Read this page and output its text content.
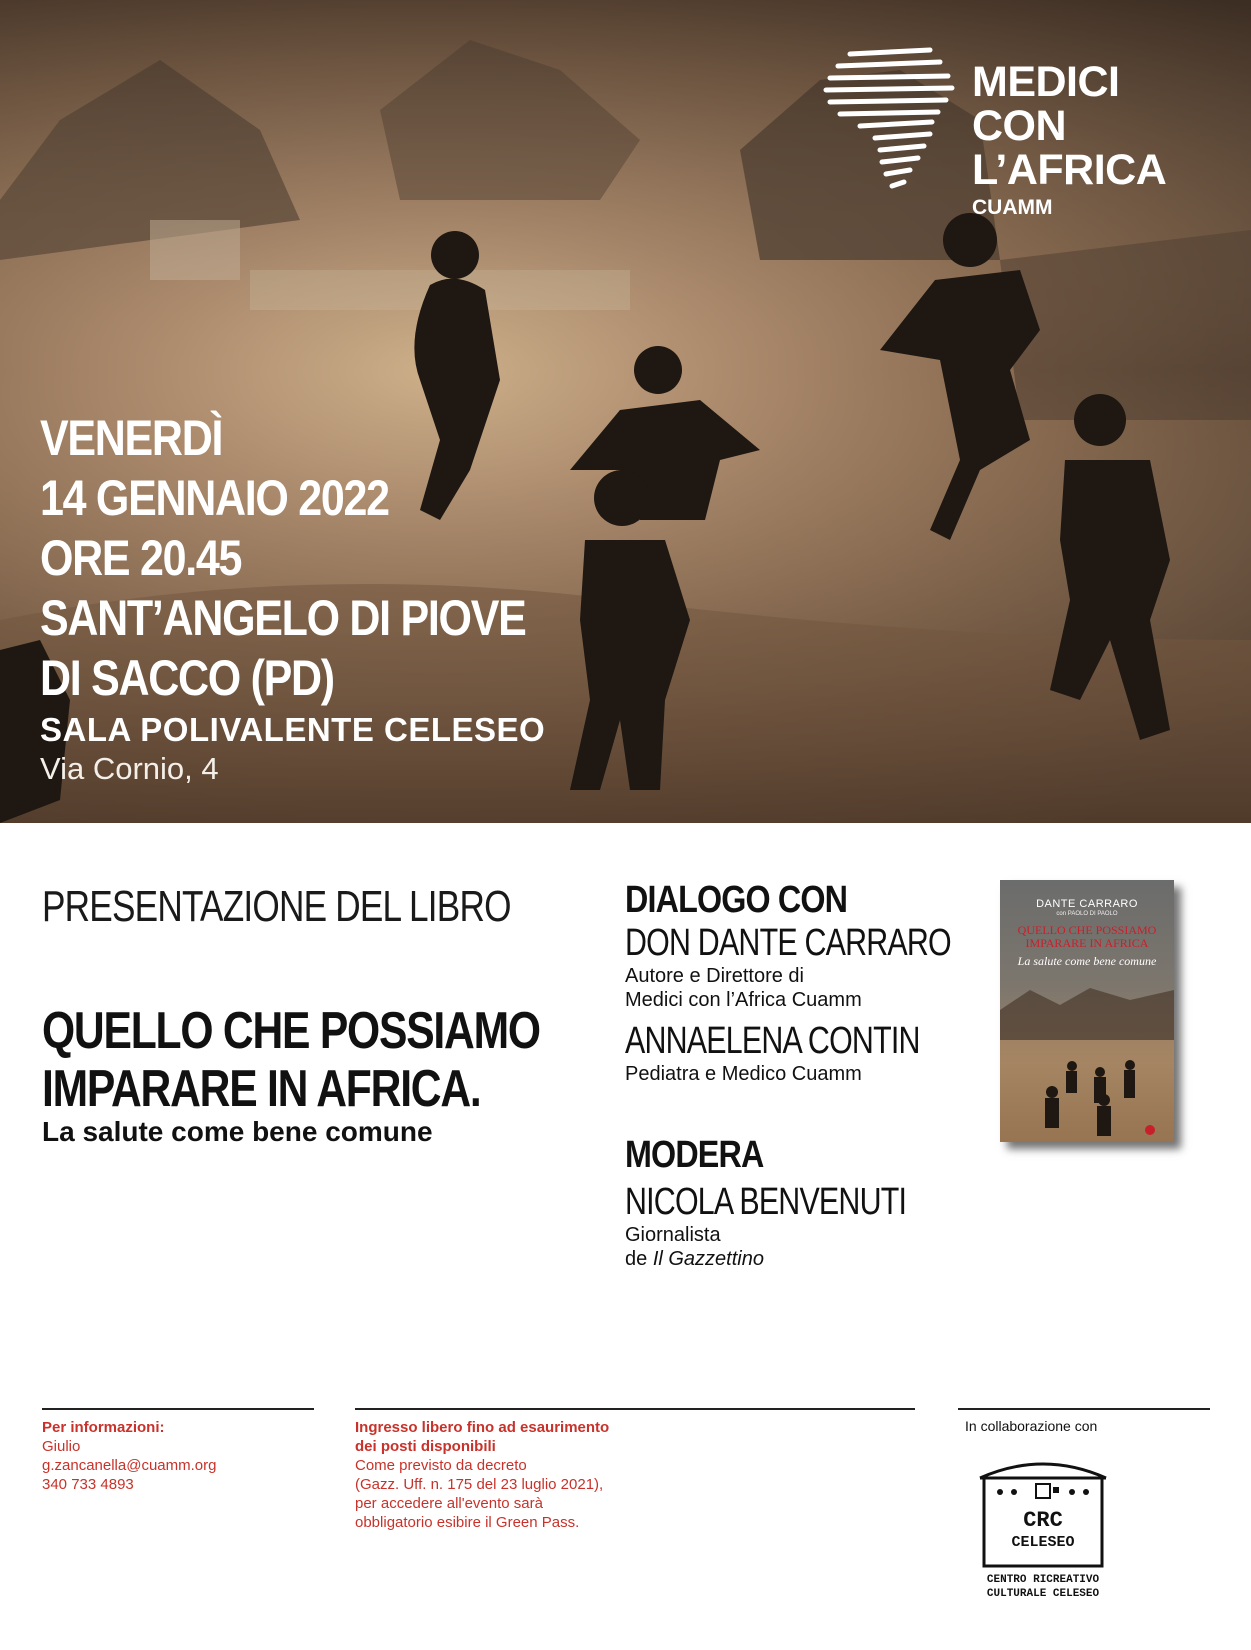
MEDICI
CON L’AFRICA
CUAMM
VENERDÌ
14 GENNAIO 2022
ORE 20.45
SANT’ANGELO DI PIOVE
DI SACCO (PD)
SALA POLIVALENTE CELESEO
Via Cornio, 4
PRESENTAZIONE DEL LIBRO
QUELLO CHE POSSIAMO
IMPARARE IN AFRICA.
La salute come bene comune
DIALOGO CON
DON DANTE CARRARO
Autore e Direttore di
Medici con l’Africa Cuamm
ANNAELENA CONTIN
Pediatra e Medico Cuamm
MODERA
NICOLA BENVENUTI
Giornalista
de Il Gazzettino
DANTE CARRARO
con PAOLO DI PAOLO
QUELLO CHE POSSIAMO IMPARARE IN AFRICA
La salute come bene comune
Per informazioni:
Giulio
g.zancanella@cuamm.org
340 733 4893
Ingresso libero fino ad esaurimento
dei posti disponibili
Come previsto da decreto
(Gazz. Uff. n. 175 del 23 luglio 2021),
per accedere all'evento sarà
obbligatorio esibire il Green Pass.
In collaborazione con
CRC
CELESEO
CENTRO RICREATIVO
CULTURALE CELESEO
